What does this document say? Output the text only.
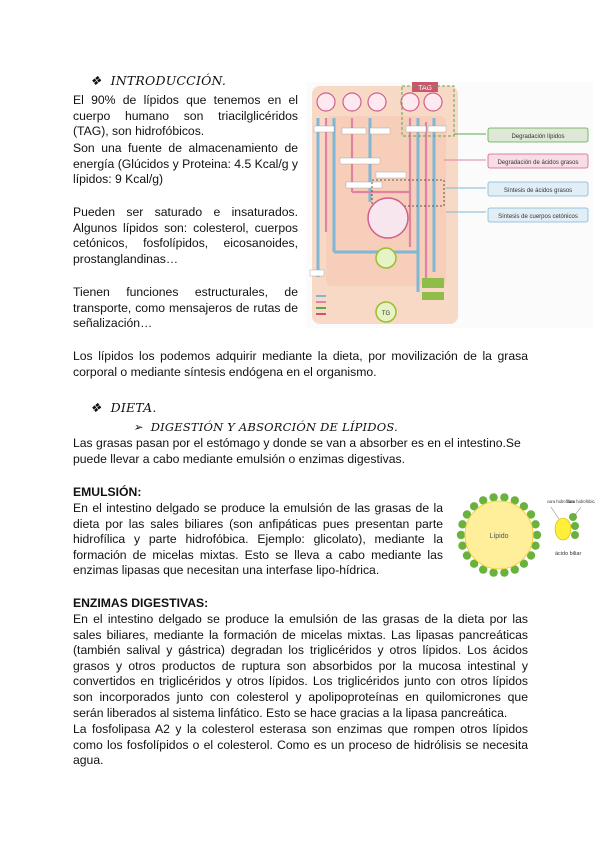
❖ INTRODUCCIÓN.
El 90% de lípidos que tenemos en el cuerpo humano son triacilglicéridos (TAG), son hidrofóbicos.
Son una fuente de almacenamiento de energía (Glúcidos y Proteina: 4.5 Kcal/g y lípidos: 9 Kcal/g)
Pueden ser saturado e insaturados. Algunos lípidos son: colesterol, cuerpos cetónicos, fosfolípidos, eicosanoides, prostanglandinas…
Tienen funciones estructurales, de transporte, como mensajeros de rutas de señalización…
TAG
TG
Degradación lípidos
Degradación de ácidos grasos
Síntesis de ácidos grasos
Síntesis de cuerpos cetónicos
Los lípidos los podemos adquirir mediante la dieta, por movilización de la grasa corporal o mediante síntesis endógena en el organismo.
❖ DIETA.
➢ DIGESTIÓN Y ABSORCIÓN DE LÍPIDOS.
Las grasas pasan por el estómago y donde se van a absorber es en el intestino.Se puede llevar a cabo mediante emulsión o enzimas digestivas.
EMULSIÓN:
En el intestino delgado se produce la emulsión de las grasas de la dieta por las sales biliares (son anfipáticas pues presentan parte hidrofílica y parte hidrofóbica. Ejemplo: glicolato), mediante la formación de micelas mixtas. Esto se lleva a cabo mediante las enzimas lipasas que necesitan una interfase lipo-hídrica.
Lípido
cara hidrofílica
cara hidrofóbica
ácido biliar
ENZIMAS DIGESTIVAS:
En el intestino delgado se produce la emulsión de las grasas de la dieta por las sales biliares, mediante la formación de micelas mixtas. Las lipasas pancreáticas (también salival y gástrica) degradan los triglicéridos y otros lípidos. Los ácidos grasos y otros productos de ruptura son absorbidos por la mucosa intestinal y convertidos en triglicéridos y otros lípidos. Los triglicéridos junto con otros lípidos son incorporados junto con colesterol y apolipoproteínas en quilomicrones que serán liberados al sistema linfático. Esto se hace gracias a la lipasa pancreática.
La fosfolipasa A2 y la colesterol esterasa son enzimas que rompen otros lípidos como los fosfolípidos o el colesterol. Como es un proceso de hidrólisis se necesita agua.
